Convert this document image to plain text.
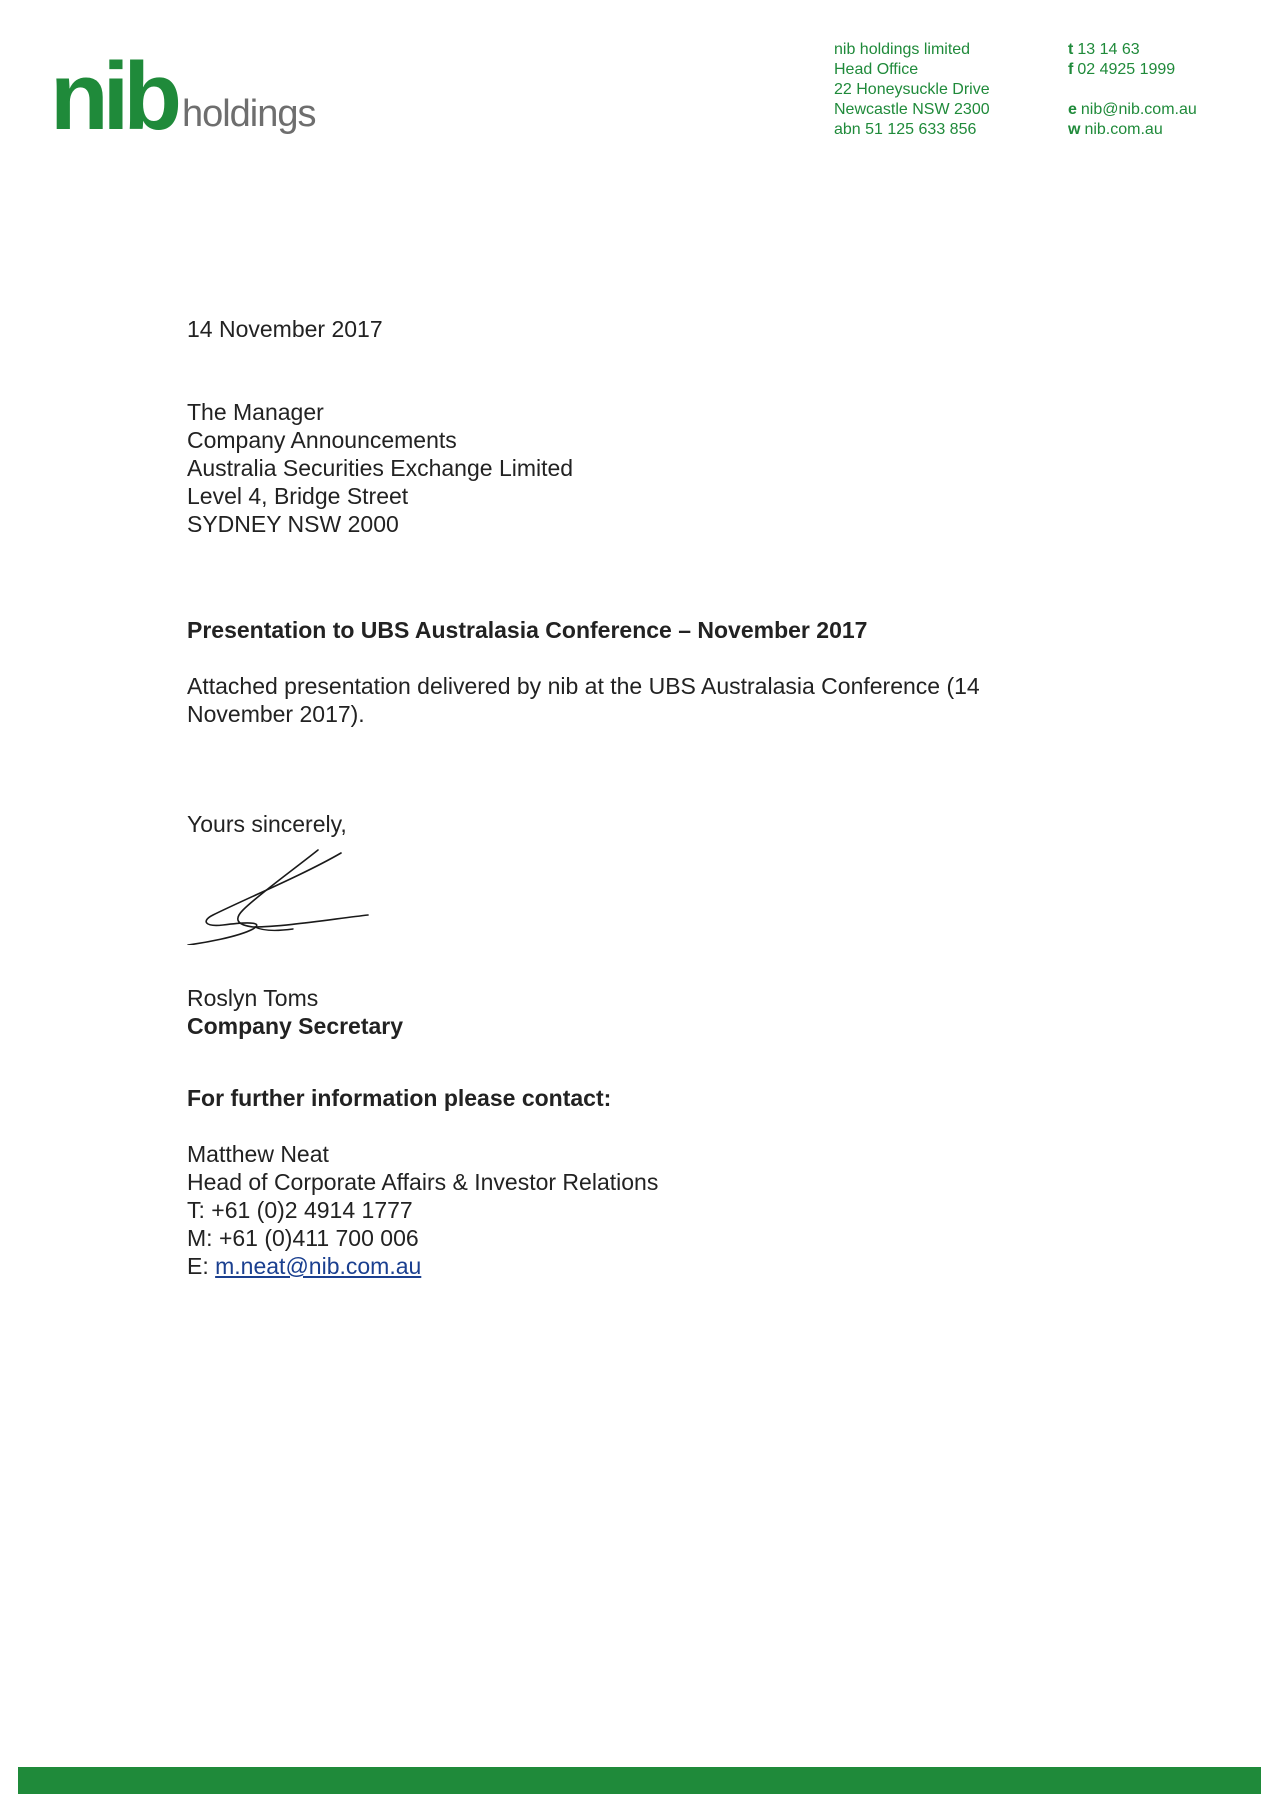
nib holdings
nib holdings limited
Head Office
22 Honeysuckle Drive
Newcastle NSW 2300
abn 51 125 633 856
t 13 14 63
f 02 4925 1999
e nib@nib.com.au
w nib.com.au
14 November 2017
The Manager
Company Announcements
Australia Securities Exchange Limited
Level 4, Bridge Street
SYDNEY NSW 2000
Presentation to UBS Australasia Conference – November 2017
Attached presentation delivered by nib at the UBS Australasia Conference (14 November 2017).
Yours sincerely,
Roslyn Toms
Company Secretary
For further information please contact:
Matthew Neat
Head of Corporate Affairs & Investor Relations
T: +61 (0)2 4914 1777
M: +61 (0)411 700 006
E: m.neat@nib.com.au
